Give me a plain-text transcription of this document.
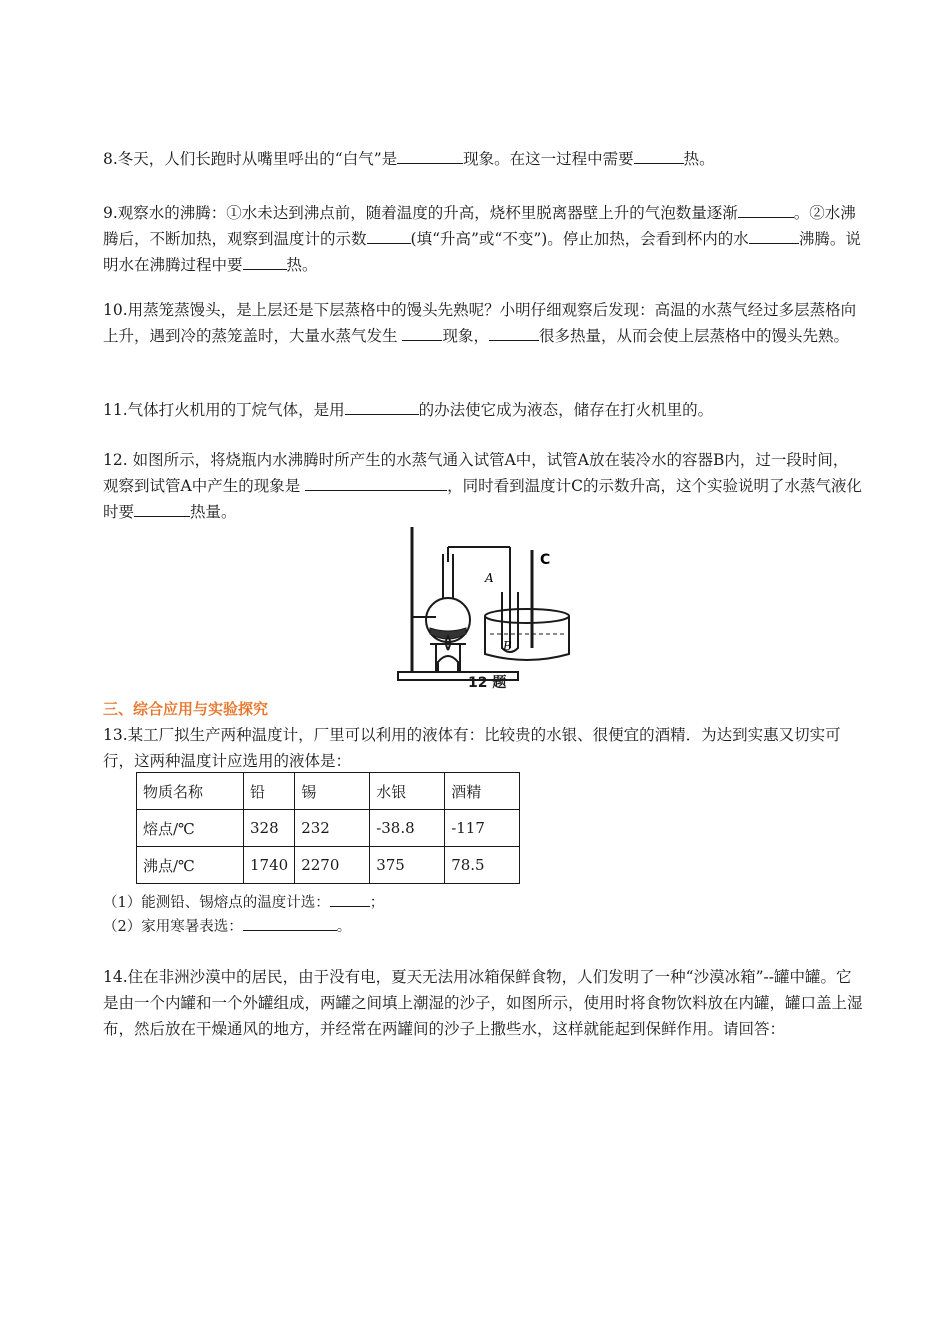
8.冬天，人们长跑时从嘴里呼出的“白气”是	现象。在这一过程中需要	热。

9.观察水的沸腾：①水未达到沸点前，随着温度的升高，烧杯里脱离器壁上升的气泡数量逐渐	。②水沸腾后，不断加热，观察到温度计的示数	(填“升高”或“不变”)。停止加热，会看到杯内的水	沸腾。说明水在沸腾过程中要	热。

10.用蒸笼蒸馒头，是上层还是下层蒸格中的馒头先熟呢？小明仔细观察后发现：高温的水蒸气经过多层蒸格向上升，遇到冷的蒸笼盖时，大量水蒸气发生	现象，	很多热量，从而会使上层蒸格中的馒头先熟。

11.气体打火机用的丁烷气体，是用	的办法使它成为液态，储存在打火机里的。

12. 如图所示，将烧瓶内水沸腾时所产生的水蒸气通入试管A中，试管A放在装冷水的容器B内，过一段时间，观察到试管A中产生的现象是	，同时看到温度计C的示数升高，这个实验说明了水蒸气液化时要	热量。

A
B
C
12 题

三、综合应用与实验探究

13.某工厂拟生产两种温度计，厂里可以利用的液体有：比较贵的水银、很便宜的酒精．为达到实惠又切实可行，这两种温度计应选用的液体是：

物质名称	铅	锡	水银	酒精
熔点/℃	328	232	-38.8	-117
沸点/℃	1740	2270	375	78.5

（1）能测铅、锡熔点的温度计选：	；

（2）家用寒暑表选：	。

14.住在非洲沙漠中的居民，由于没有电，夏天无法用冰箱保鲜食物，人们发明了一种“沙漠冰箱”--罐中罐。它是由一个内罐和一个外罐组成，两罐之间填上潮湿的沙子，如图所示，使用时将食物饮料放在内罐，罐口盖上湿布，然后放在干燥通风的地方，并经常在两罐间的沙子上撒些水，这样就能起到保鲜作用。请回答：
